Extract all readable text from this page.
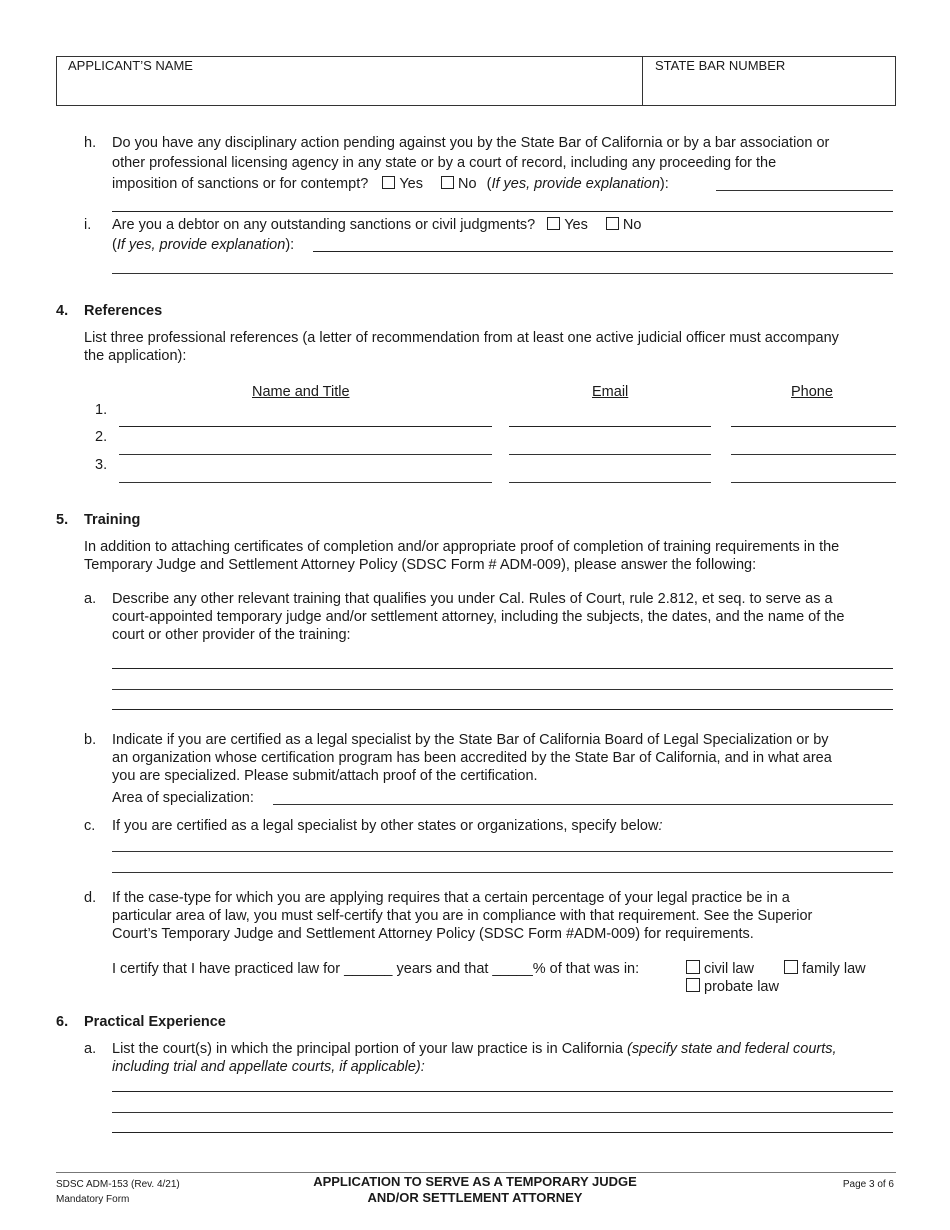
APPLICANT’S NAME	STATE BAR NUMBER
h. Do you have any disciplinary action pending against you by the State Bar of California or by a bar association or
other professional licensing agency in any state or by a court of record, including any proceeding for the
imposition of sanctions or for contempt? Yes No (If yes, provide explanation):
i. Are you a debtor on any outstanding sanctions or civil judgments? Yes No
(If yes, provide explanation):
4. References
List three professional references (a letter of recommendation from at least one active judicial officer must accompany
the application):
Name and Title	Email	Phone
1.
2.
3.
5. Training
In addition to attaching certificates of completion and/or appropriate proof of completion of training requirements in the
Temporary Judge and Settlement Attorney Policy (SDSC Form # ADM-009), please answer the following:
a. Describe any other relevant training that qualifies you under Cal. Rules of Court, rule 2.812, et seq. to serve as a
court-appointed temporary judge and/or settlement attorney, including the subjects, the dates, and the name of the
court or other provider of the training:
b. Indicate if you are certified as a legal specialist by the State Bar of California Board of Legal Specialization or by
an organization whose certification program has been accredited by the State Bar of California, and in what area
you are specialized. Please submit/attach proof of the certification.
Area of specialization:
c. If you are certified as a legal specialist by other states or organizations, specify below:
d. If the case-type for which you are applying requires that a certain percentage of your legal practice be in a
particular area of law, you must self-certify that you are in compliance with that requirement. See the Superior
Court’s Temporary Judge and Settlement Attorney Policy (SDSC Form #ADM-009) for requirements.
I certify that I have practiced law for ______ years and that _____% of that was in:	civil law	family law
probate law
6. Practical Experience
a. List the court(s) in which the principal portion of your law practice is in California (specify state and federal courts,
including trial and appellate courts, if applicable):
SDSC ADM-153 (Rev. 4/21)
Mandatory Form
APPLICATION TO SERVE AS A TEMPORARY JUDGE
AND/OR SETTLEMENT ATTORNEY
Page 3 of 6
